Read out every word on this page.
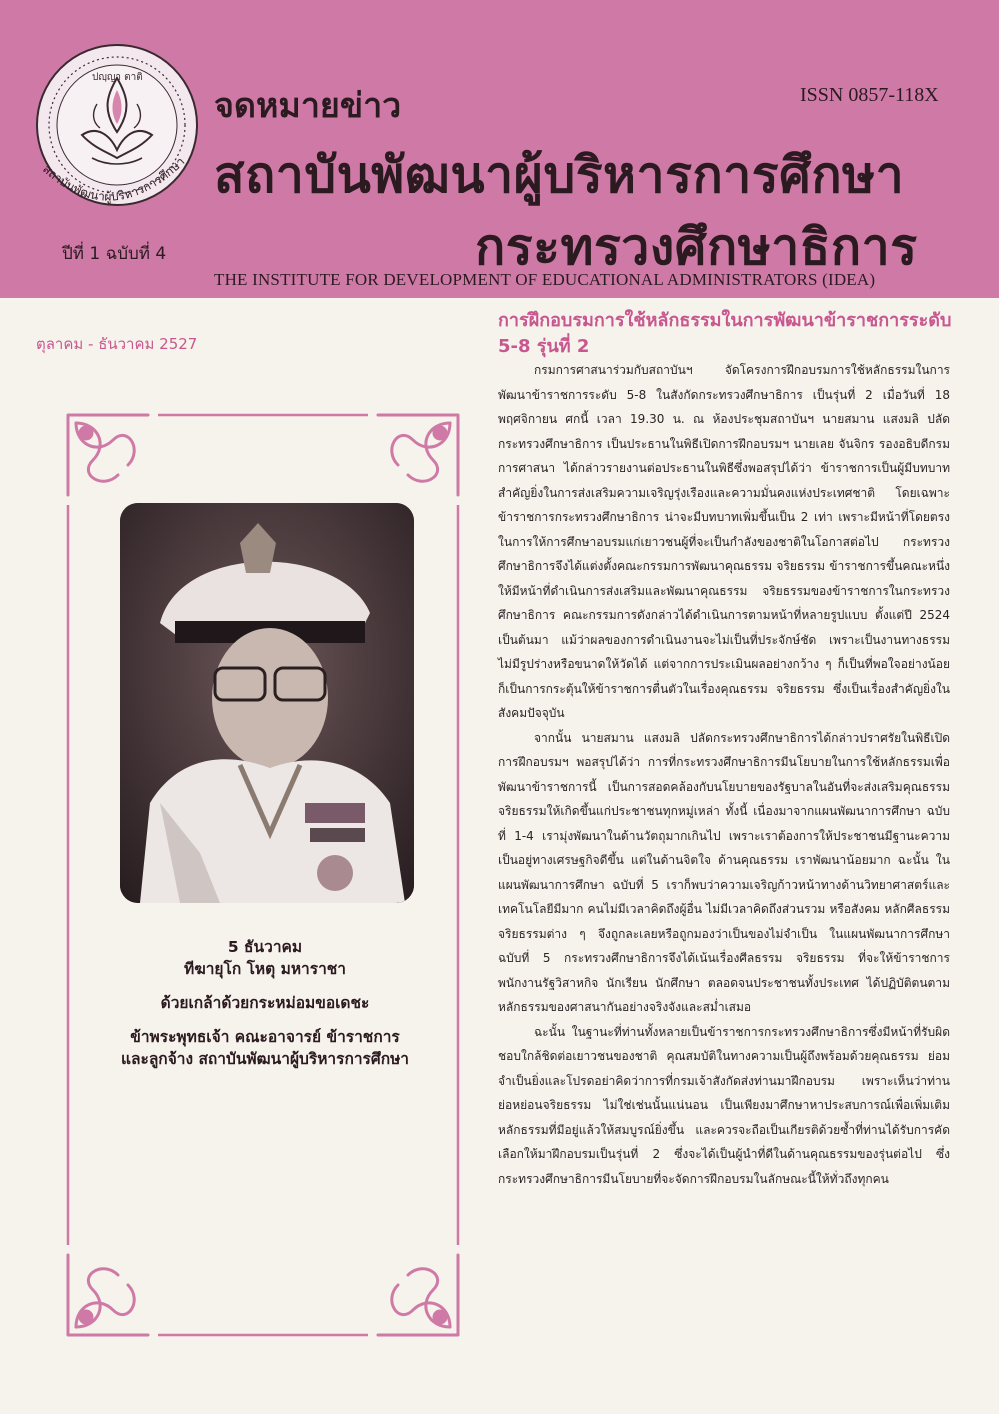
ปญฺญา ตาติ
สถาบันพัฒนาผู้บริหารการศึกษา
จดหมายข่าว	ISSN 0857-118X
สถาบันพัฒนาผู้บริหารการศึกษา
กระทรวงศึกษาธิการ
ปีที่ 1 ฉบับที่ 4
THE INSTITUTE FOR DEVELOPMENT OF EDUCATIONAL ADMINISTRATORS (IDEA)
ตุลาคม - ธันวาคม 2527
5 ธันวาคม
ทีฆายุโก โหตุ มหาราชา
ด้วยเกล้าด้วยกระหม่อมขอเดชะ
ข้าพระพุทธเจ้า คณะอาจารย์ ข้าราชการ
และลูกจ้าง สถาบันพัฒนาผู้บริหารการศึกษา
การฝึกอบรมการใช้หลักธรรมในการพัฒนาข้าราชการระดับ 5-8 รุ่นที่ 2

กรมการศาสนาร่วมกับสถาบันฯ จัดโครงการฝึกอบรมการใช้หลักธรรมในการพัฒนาข้าราชการระดับ 5-8 ในสังกัดกระทรวงศึกษาธิการ เป็นรุ่นที่ 2 เมื่อวันที่ 18 พฤศจิกายน ศกนี้ เวลา 19.30 น. ณ ห้องประชุมสถาบันฯ นายสมาน แสงมลิ ปลัดกระทรวงศึกษาธิการ เป็นประธานในพิธีเปิดการฝึกอบรมฯ นายเลย จันจิกร รองอธิบดีกรมการศาสนา ได้กล่าวรายงานต่อประธานในพิธีซึ่งพอสรุปได้ว่า ข้าราชการเป็นผู้มีบทบาทสำคัญยิ่งในการส่งเสริมความเจริญรุ่งเรืองและความมั่นคงแห่งประเทศชาติ โดยเฉพาะข้าราชการกระทรวงศึกษาธิการ น่าจะมีบทบาทเพิ่มขึ้นเป็น 2 เท่า เพราะมีหน้าที่โดยตรงในการให้การศึกษาอบรมแก่เยาวชนผู้ที่จะเป็นกำลังของชาติในโอกาสต่อไป กระทรวงศึกษาธิการจึงได้แต่งตั้งคณะกรรมการพัฒนาคุณธรรม จริยธรรม ข้าราชการขึ้นคณะหนึ่ง ให้มีหน้าที่ดำเนินการส่งเสริมและพัฒนาคุณธรรม จริยธรรมของข้าราชการในกระทรวงศึกษาธิการ คณะกรรมการดังกล่าวได้ดำเนินการตามหน้าที่หลายรูปแบบ ตั้งแต่ปี 2524 เป็นต้นมา แม้ว่าผลของการดำเนินงานจะไม่เป็นที่ประจักษ์ชัด เพราะเป็นงานทางธรรมไม่มีรูปร่างหรือขนาดให้วัดได้ แต่จากการประเมินผลอย่างกว้าง ๆ ก็เป็นที่พอใจอย่างน้อยก็เป็นการกระตุ้นให้ข้าราชการตื่นตัวในเรื่องคุณธรรม จริยธรรม ซึ่งเป็นเรื่องสำคัญยิ่งในสังคมปัจจุบัน

จากนั้น นายสมาน แสงมลิ ปลัดกระทรวงศึกษาธิการได้กล่าวปราศรัยในพิธีเปิดการฝึกอบรมฯ พอสรุปได้ว่า การที่กระทรวงศึกษาธิการมีนโยบายในการใช้หลักธรรมเพื่อพัฒนาข้าราชการนี้ เป็นการสอดคล้องกับนโยบายของรัฐบาลในอันที่จะส่งเสริมคุณธรรม จริยธรรมให้เกิดขึ้นแก่ประชาชนทุกหมู่เหล่า ทั้งนี้ เนื่องมาจากแผนพัฒนาการศึกษา ฉบับที่ 1-4 เรามุ่งพัฒนาในด้านวัตถุมากเกินไป เพราะเราต้องการให้ประชาชนมีฐานะความเป็นอยู่ทางเศรษฐกิจดีขึ้น แต่ในด้านจิตใจ ด้านคุณธรรม เราพัฒนาน้อยมาก ฉะนั้น ในแผนพัฒนาการศึกษา ฉบับที่ 5 เราก็พบว่าความเจริญก้าวหน้าทางด้านวิทยาศาสตร์และเทคโนโลยีมีมาก คนไม่มีเวลาคิดถึงผู้อื่น ไม่มีเวลาคิดถึงส่วนรวม หรือสังคม หลักศีลธรรม จริยธรรมต่าง ๆ จึงถูกละเลยหรือถูกมองว่าเป็นของไม่จำเป็น ในแผนพัฒนาการศึกษา ฉบับที่ 5 กระทรวงศึกษาธิการจึงได้เน้นเรื่องศีลธรรม จริยธรรม ที่จะให้ข้าราชการ พนักงานรัฐวิสาหกิจ นักเรียน นักศึกษา ตลอดจนประชาชนทั้งประเทศ ได้ปฏิบัติตนตามหลักธรรมของศาสนากันอย่างจริงจังและสม่ำเสมอ

ฉะนั้น ในฐานะที่ท่านทั้งหลายเป็นข้าราชการกระทรวงศึกษาธิการซึ่งมีหน้าที่รับผิดชอบใกล้ชิดต่อเยาวชนของชาติ คุณสมบัติในทางความเป็นผู้ถึงพร้อมด้วยคุณธรรม ย่อมจำเป็นยิ่งและโปรดอย่าคิดว่าการที่กรมเจ้าสังกัดส่งท่านมาฝึกอบรม เพราะเห็นว่าท่านย่อหย่อนจริยธรรม ไม่ใช่เช่นนั้นแน่นอน เป็นเพียงมาศึกษาหาประสบการณ์เพื่อเพิ่มเติมหลักธรรมที่มีอยู่แล้วให้สมบูรณ์ยิ่งขึ้น และควรจะถือเป็นเกียรติด้วยซ้ำที่ท่านได้รับการคัดเลือกให้มาฝึกอบรมเป็นรุ่นที่ 2 ซึ่งจะได้เป็นผู้นำที่ดีในด้านคุณธรรมของรุ่นต่อไป ซึ่งกระทรวงศึกษาธิการมีนโยบายที่จะจัดการฝึกอบรมในลักษณะนี้ให้ทั่วถึงทุกคน
